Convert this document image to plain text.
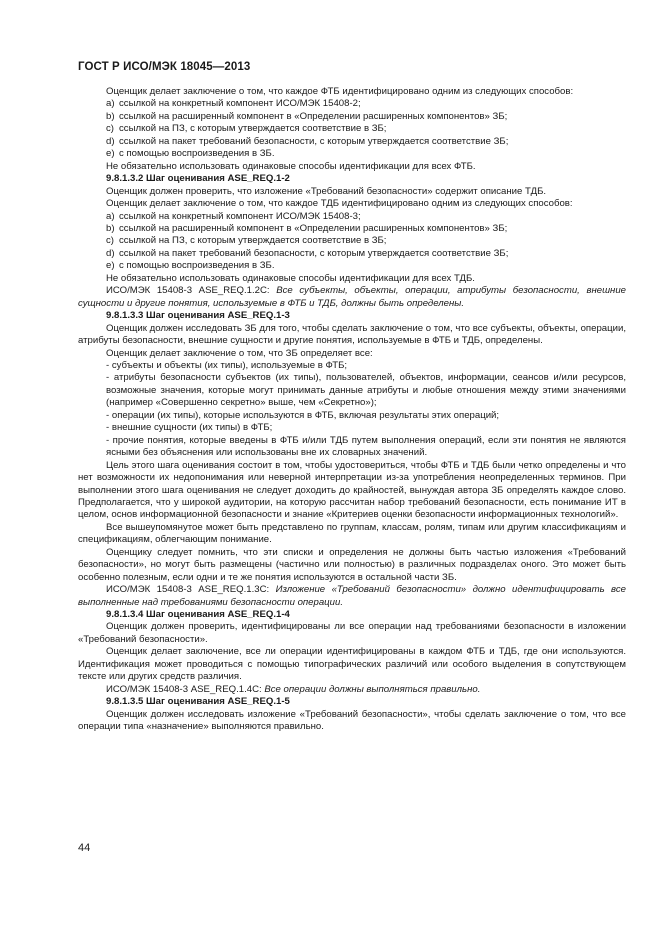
ГОСТ Р ИСО/МЭК 18045—2013

Оценщик делает заключение о том, что каждое ФТБ идентифицировано одним из следующих способов:

a) ссылкой на конкретный компонент ИСО/МЭК 15408-2;

b) ссылкой на расширенный компонент в «Определении расширенных компонентов» ЗБ;

c) ссылкой на ПЗ, с которым утверждается соответствие в ЗБ;

d) ссылкой на пакет требований безопасности, с которым утверждается соответствие ЗБ;

e) с помощью воспроизведения в ЗБ.

Не обязательно использовать одинаковые способы идентификации для всех ФТБ.

9.8.1.3.2 Шаг оценивания ASE_REQ.1-2

Оценщик должен проверить, что изложение «Требований безопасности» содержит описание ТДБ.

Оценщик делает заключение о том, что каждое ТДБ идентифицировано одним из следующих способов:

a) ссылкой на конкретный компонент ИСО/МЭК 15408-3;

b) ссылкой на расширенный компонент в «Определении расширенных компонентов» ЗБ;

c) ссылкой на ПЗ, с которым утверждается соответствие в ЗБ;

d) ссылкой на пакет требований безопасности, с которым утверждается соответствие ЗБ;

e) с помощью воспроизведения в ЗБ.

Не обязательно использовать одинаковые способы идентификации для всех ТДБ.

ИСО/МЭК 15408-3 ASE_REQ.1.2C: Все субъекты, объекты, операции, атрибуты безопасности, внешние сущности и другие понятия, используемые в ФТБ и ТДБ, должны быть определены.

9.8.1.3.3 Шаг оценивания ASE_REQ.1-3

Оценщик должен исследовать ЗБ для того, чтобы сделать заключение о том, что все субъекты, объекты, операции, атрибуты безопасности, внешние сущности и другие понятия, используемые в ФТБ и ТДБ, определены.

Оценщик делает заключение о том, что ЗБ определяет все:

- субъекты и объекты (их типы), используемые в ФТБ;

- атрибуты безопасности субъектов (их типы), пользователей, объектов, информации, сеансов и/или ресурсов, возможные значения, которые могут принимать данные атрибуты и любые отношения между этими значениями (например «Совершенно секретно» выше, чем «Секретно»);

- операции (их типы), которые используются в ФТБ, включая результаты этих операций;

- внешние сущности (их типы) в ФТБ;

- прочие понятия, которые введены в ФТБ и/или ТДБ путем выполнения операций, если эти понятия не являются ясными без объяснения или использованы вне их словарных значений.

Цель этого шага оценивания состоит в том, чтобы удостовериться, чтобы ФТБ и ТДБ были четко определены и что нет возможности их недопонимания или неверной интерпретации из-за употребления неопределенных терминов. При выполнении этого шага оценивания не следует доходить до крайностей, вынуждая автора ЗБ определять каждое слово. Предполагается, что у широкой аудитории, на которую рассчитан набор требований безопасности, есть понимание ИТ в целом, основ информационной безопасности и знание «Критериев оценки безопасности информационных технологий».

Все вышеупомянутое может быть представлено по группам, классам, ролям, типам или другим классификациям и спецификациям, облегчающим понимание.

Оценщику следует помнить, что эти списки и определения не должны быть частью изложения «Требований безопасности», но могут быть размещены (частично или полностью) в различных подразделах оного. Это может быть особенно полезным, если одни и те же понятия используются в остальной части ЗБ.

ИСО/МЭК 15408-3 ASE_REQ.1.3C: Изложение «Требований безопасности» должно идентифицировать все выполненные над требованиями безопасности операции.

9.8.1.3.4 Шаг оценивания ASE_REQ.1-4

Оценщик должен проверить, идентифицированы ли все операции над требованиями безопасности в изложении «Требований безопасности».

Оценщик делает заключение, все ли операции идентифицированы в каждом ФТБ и ТДБ, где они используются. Идентификация может проводиться с помощью типографических различий или особого выделения в сопутствующем тексте или других средств различия.

ИСО/МЭК 15408-3 ASE_REQ.1.4C: Все операции должны выполняться правильно.

9.8.1.3.5 Шаг оценивания ASE_REQ.1-5

Оценщик должен исследовать изложение «Требований безопасности», чтобы сделать заключение о том, что все операции типа «назначение» выполняются правильно.

44
